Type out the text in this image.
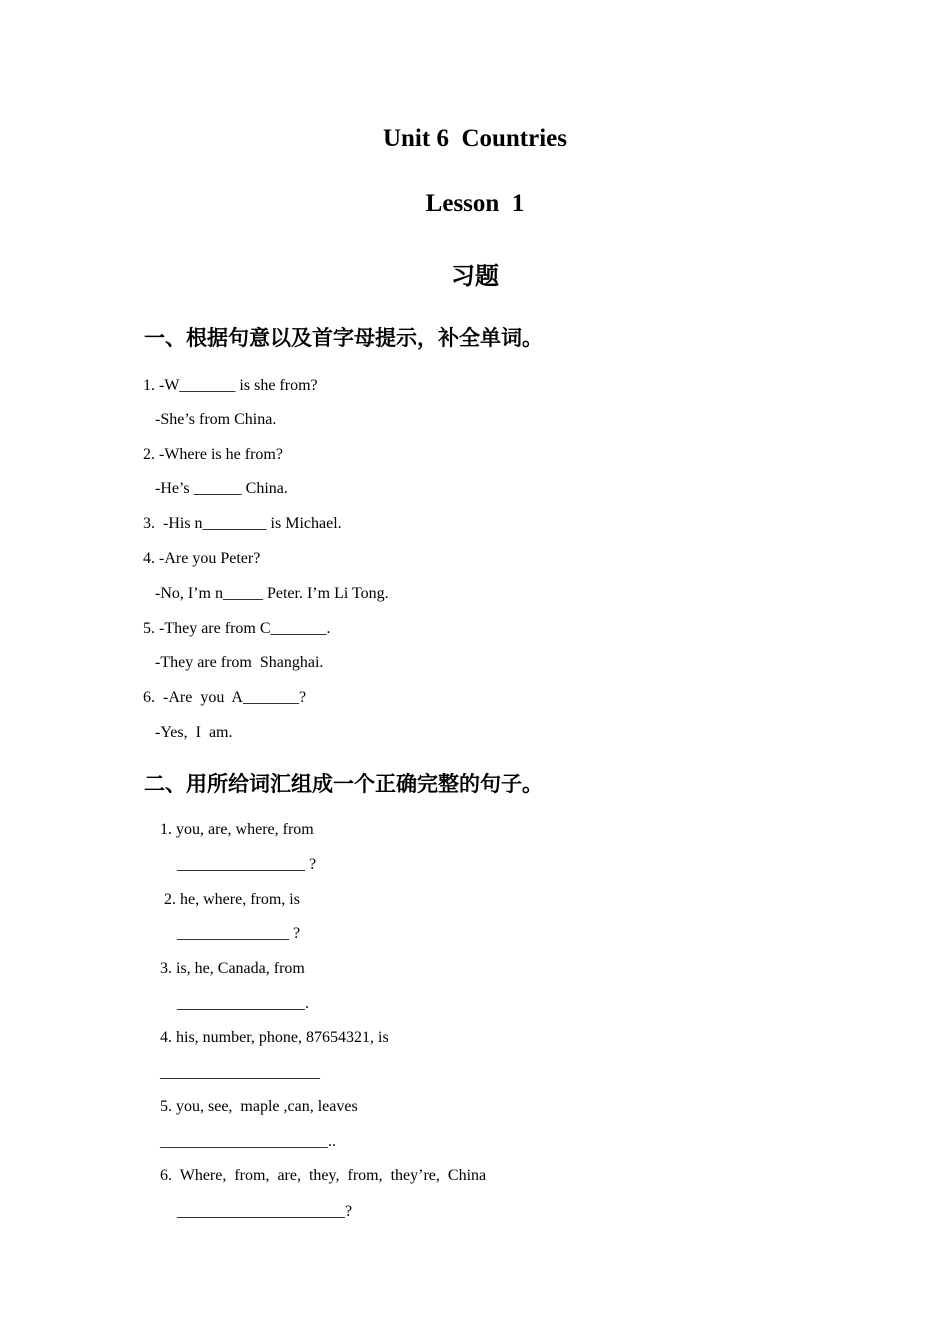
Unit 6  Countries
Lesson  1
习题
一、根据句意以及首字母提示，补全单词。
1. -W_______ is she from?
-She’s from China.
2. -Where is he from?
-He’s ______ China.
3.  -His n________ is Michael.
4. -Are you Peter?
-No, I’m n_____ Peter. I’m Li Tong.
5. -They are from C_______.
-They are from  Shanghai.
6.  -Are  you  A_______?
-Yes,  I  am.
二、用所给词汇组成一个正确完整的句子。
1. you, are, where, from
________________ ?
2. he, where, from, is
______________ ?
3. is, he, Canada, from
________________.
4. his, number, phone, 87654321, is
____________________
5. you, see,  maple ,can, leaves
_____________________..
6.  Where,  from,  are,  they,  from,  they’re,  China
_____________________?
